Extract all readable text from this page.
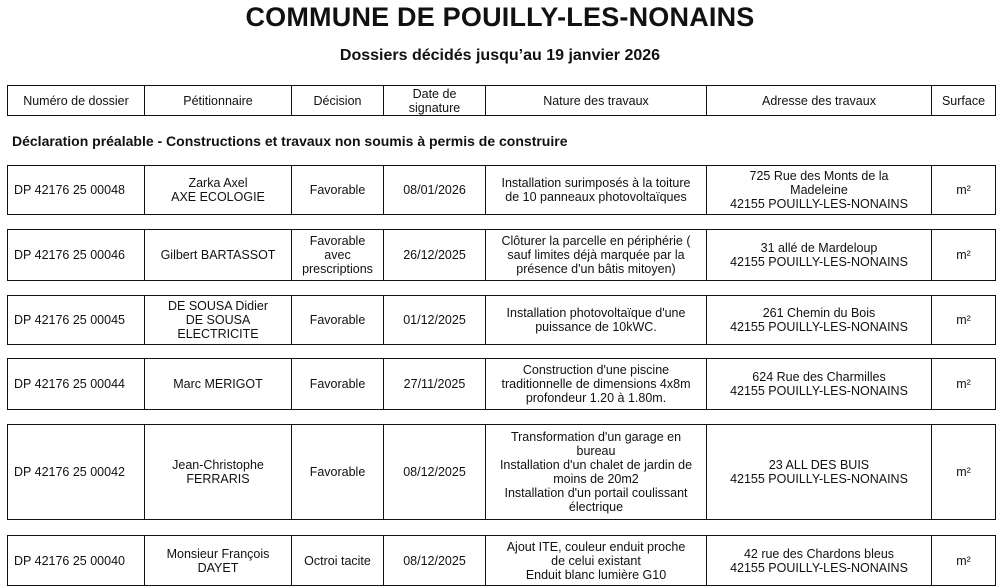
COMMUNE DE POUILLY-LES-NONAINS
Dossiers décidés jusqu’au 19 janvier 2026
Numéro de dossier	Pétitionnaire	Décision	Date de
signature	Nature des travaux	Adresse des travaux	Surface
Déclaration préalable - Constructions et travaux non soumis à permis de construire
DP 42176 25 00048	Zarka Axel
AXE ECOLOGIE	Favorable	08/01/2026	Installation surimposés à la toiture
de 10 panneaux photovoltaïques	725 Rue des Monts de la
Madeleine
42155 POUILLY-LES-NONAINS	m²
DP 42176 25 00046	Gilbert BARTASSOT	Favorable
avec
prescriptions	26/12/2025	Clôturer la parcelle en périphérie (
sauf limites déjà marquée par la
présence d'un bâtis mitoyen)	31 allé de Mardeloup
42155 POUILLY-LES-NONAINS	m²
DP 42176 25 00045	DE SOUSA Didier
DE SOUSA
ELECTRICITE	Favorable	01/12/2025	Installation photovoltaïque d'une
puissance de 10kWC.	261 Chemin du Bois
42155 POUILLY-LES-NONAINS	m²
DP 42176 25 00044	Marc MERIGOT	Favorable	27/11/2025	Construction d'une piscine
traditionnelle de dimensions 4x8m
profondeur 1.20 à 1.80m.	624 Rue des Charmilles
42155 POUILLY-LES-NONAINS	m²
DP 42176 25 00042	Jean-Christophe
FERRARIS	Favorable	08/12/2025	Transformation d'un garage en
bureau
Installation d'un chalet de jardin de
moins de 20m2
Installation d'un portail coulissant
électrique	23 ALL DES BUIS
42155 POUILLY-LES-NONAINS	m²
DP 42176 25 00040	Monsieur François
DAYET	Octroi tacite	08/12/2025	Ajout ITE, couleur enduit proche
de celui existant
Enduit blanc lumière G10	42 rue des Chardons bleus
42155 POUILLY-LES-NONAINS	m²
